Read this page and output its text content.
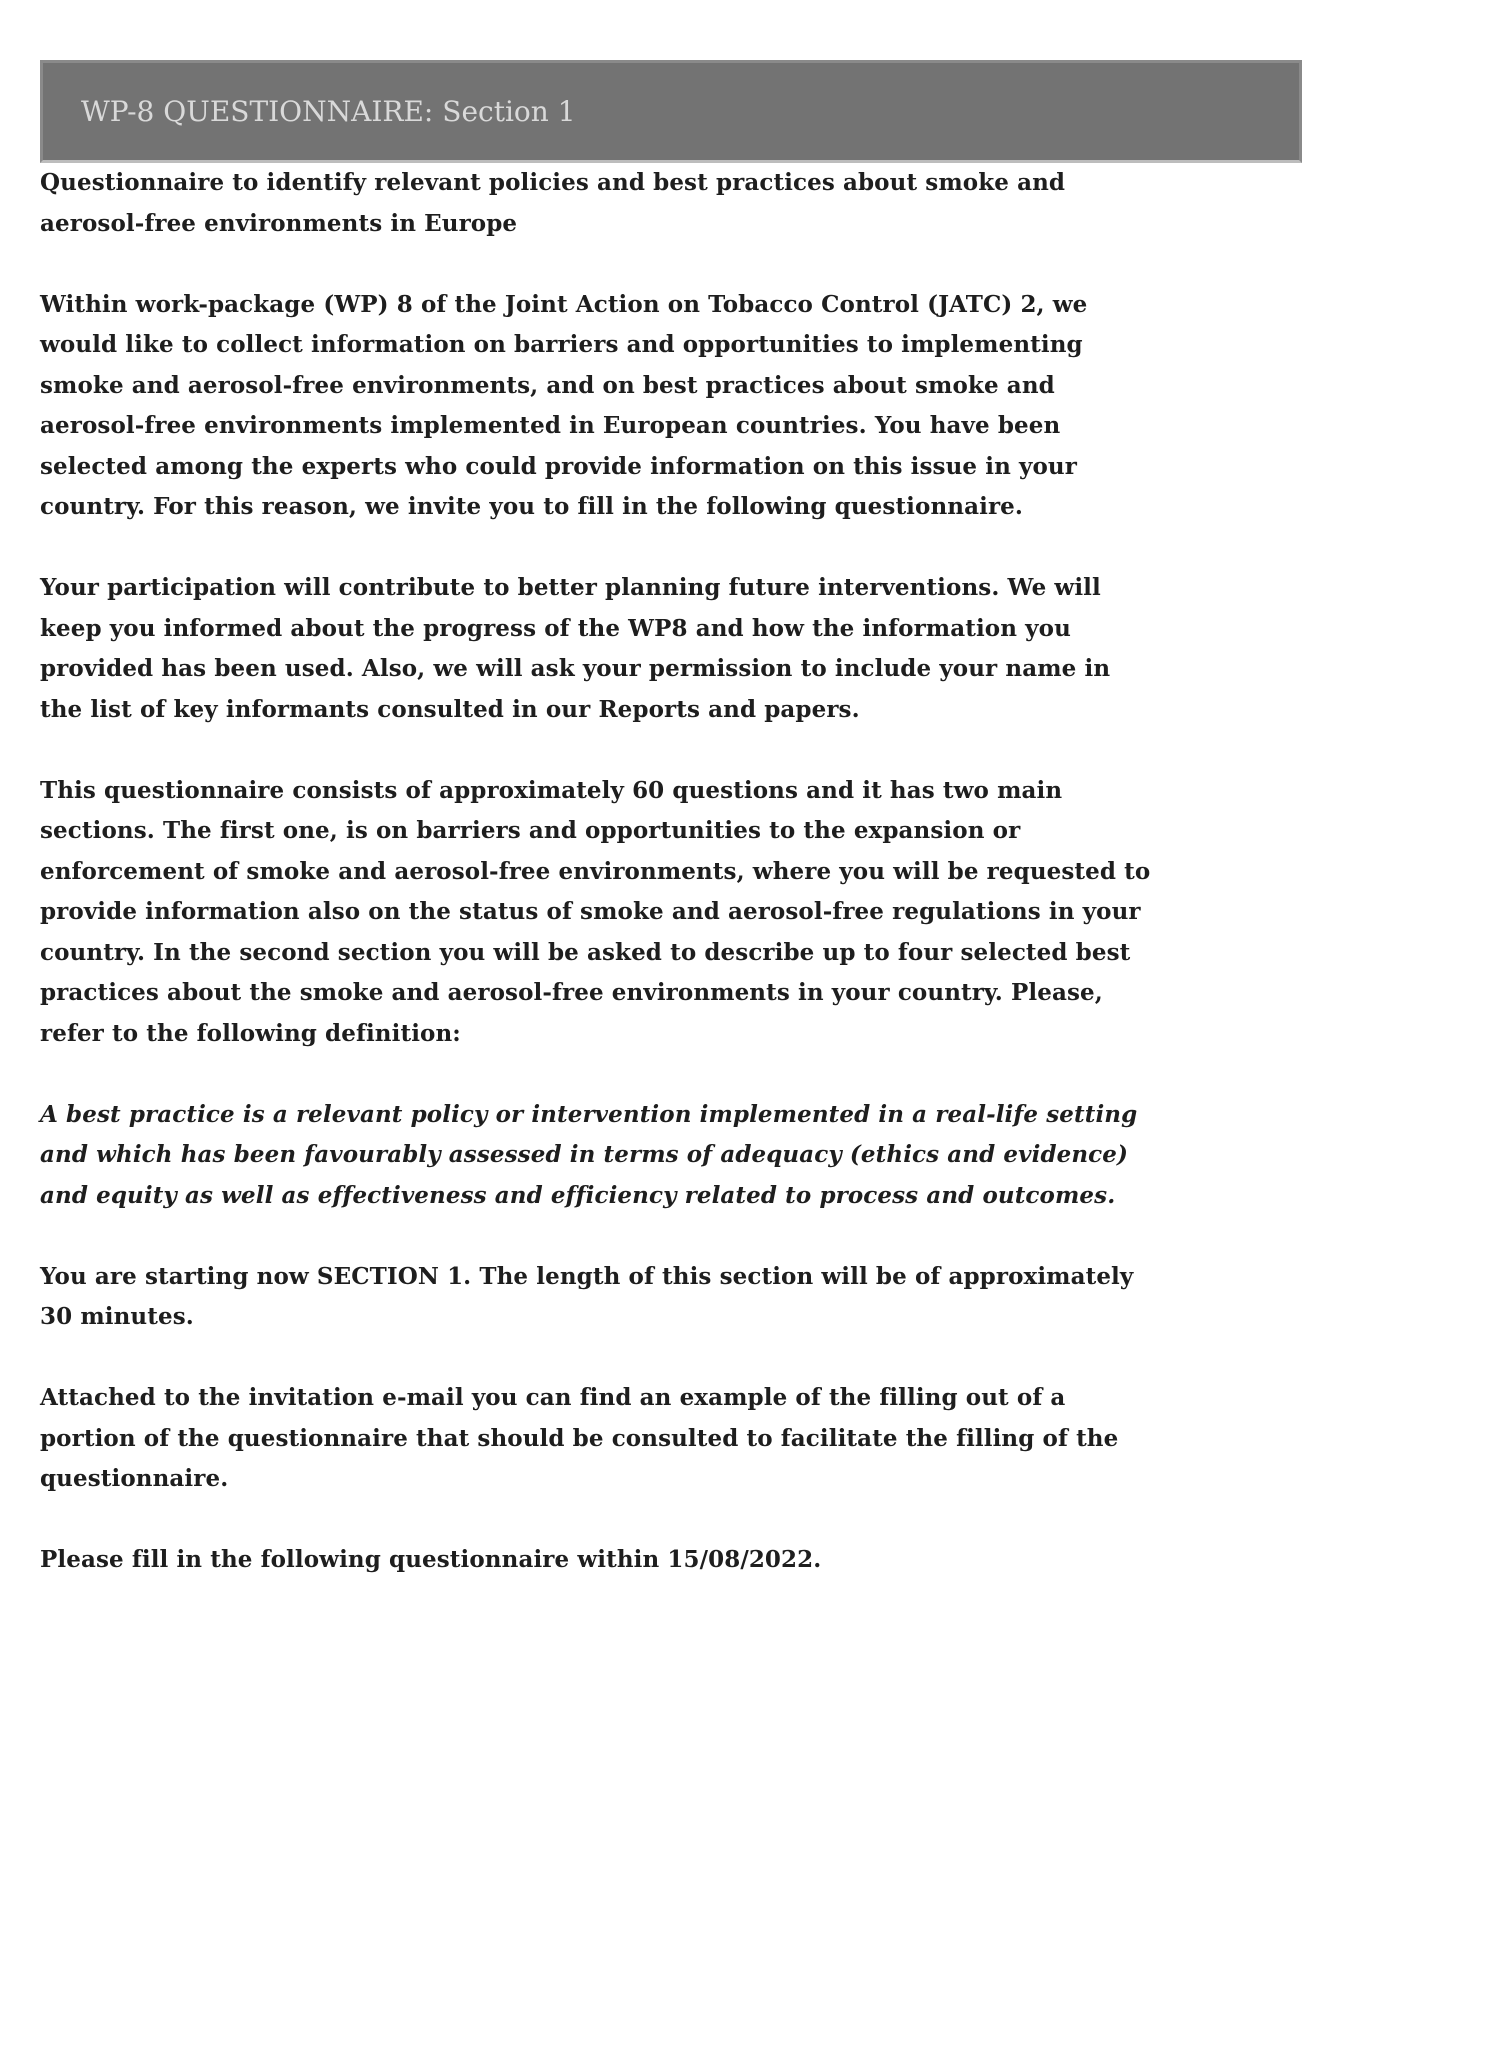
WP-8 QUESTIONNAIRE: Section 1

Questionnaire to identify relevant policies and best practices about smoke and
aerosol-free environments in Europe

Within work-package (WP) 8 of the Joint Action on Tobacco Control (JATC) 2, we
would like to collect information on barriers and opportunities to implementing
smoke and aerosol-free environments, and on best practices about smoke and
aerosol-free environments implemented in European countries. You have been
selected among the experts who could provide information on this issue in your
country. For this reason, we invite you to fill in the following questionnaire.

Your participation will contribute to better planning future interventions. We will
keep you informed about the progress of the WP8 and how the information you
provided has been used. Also, we will ask your permission to include your name in
the list of key informants consulted in our Reports and papers.

This questionnaire consists of approximately 60 questions and it has two main
sections. The first one, is on barriers and opportunities to the expansion or
enforcement of smoke and aerosol-free environments, where you will be requested to
provide information also on the status of smoke and aerosol-free regulations in your
country. In the second section you will be asked to describe up to four selected best
practices about the smoke and aerosol-free environments in your country. Please,
refer to the following definition:

A best practice is a relevant policy or intervention implemented in a real-life setting
and which has been favourably assessed in terms of adequacy (ethics and evidence)
and equity as well as effectiveness and efficiency related to process and outcomes.

You are starting now SECTION 1. The length of this section will be of approximately
30 minutes.

Attached to the invitation e-mail you can find an example of the filling out of a
portion of the questionnaire that should be consulted to facilitate the filling of the
questionnaire.

Please fill in the following questionnaire within 15/08/2022.
